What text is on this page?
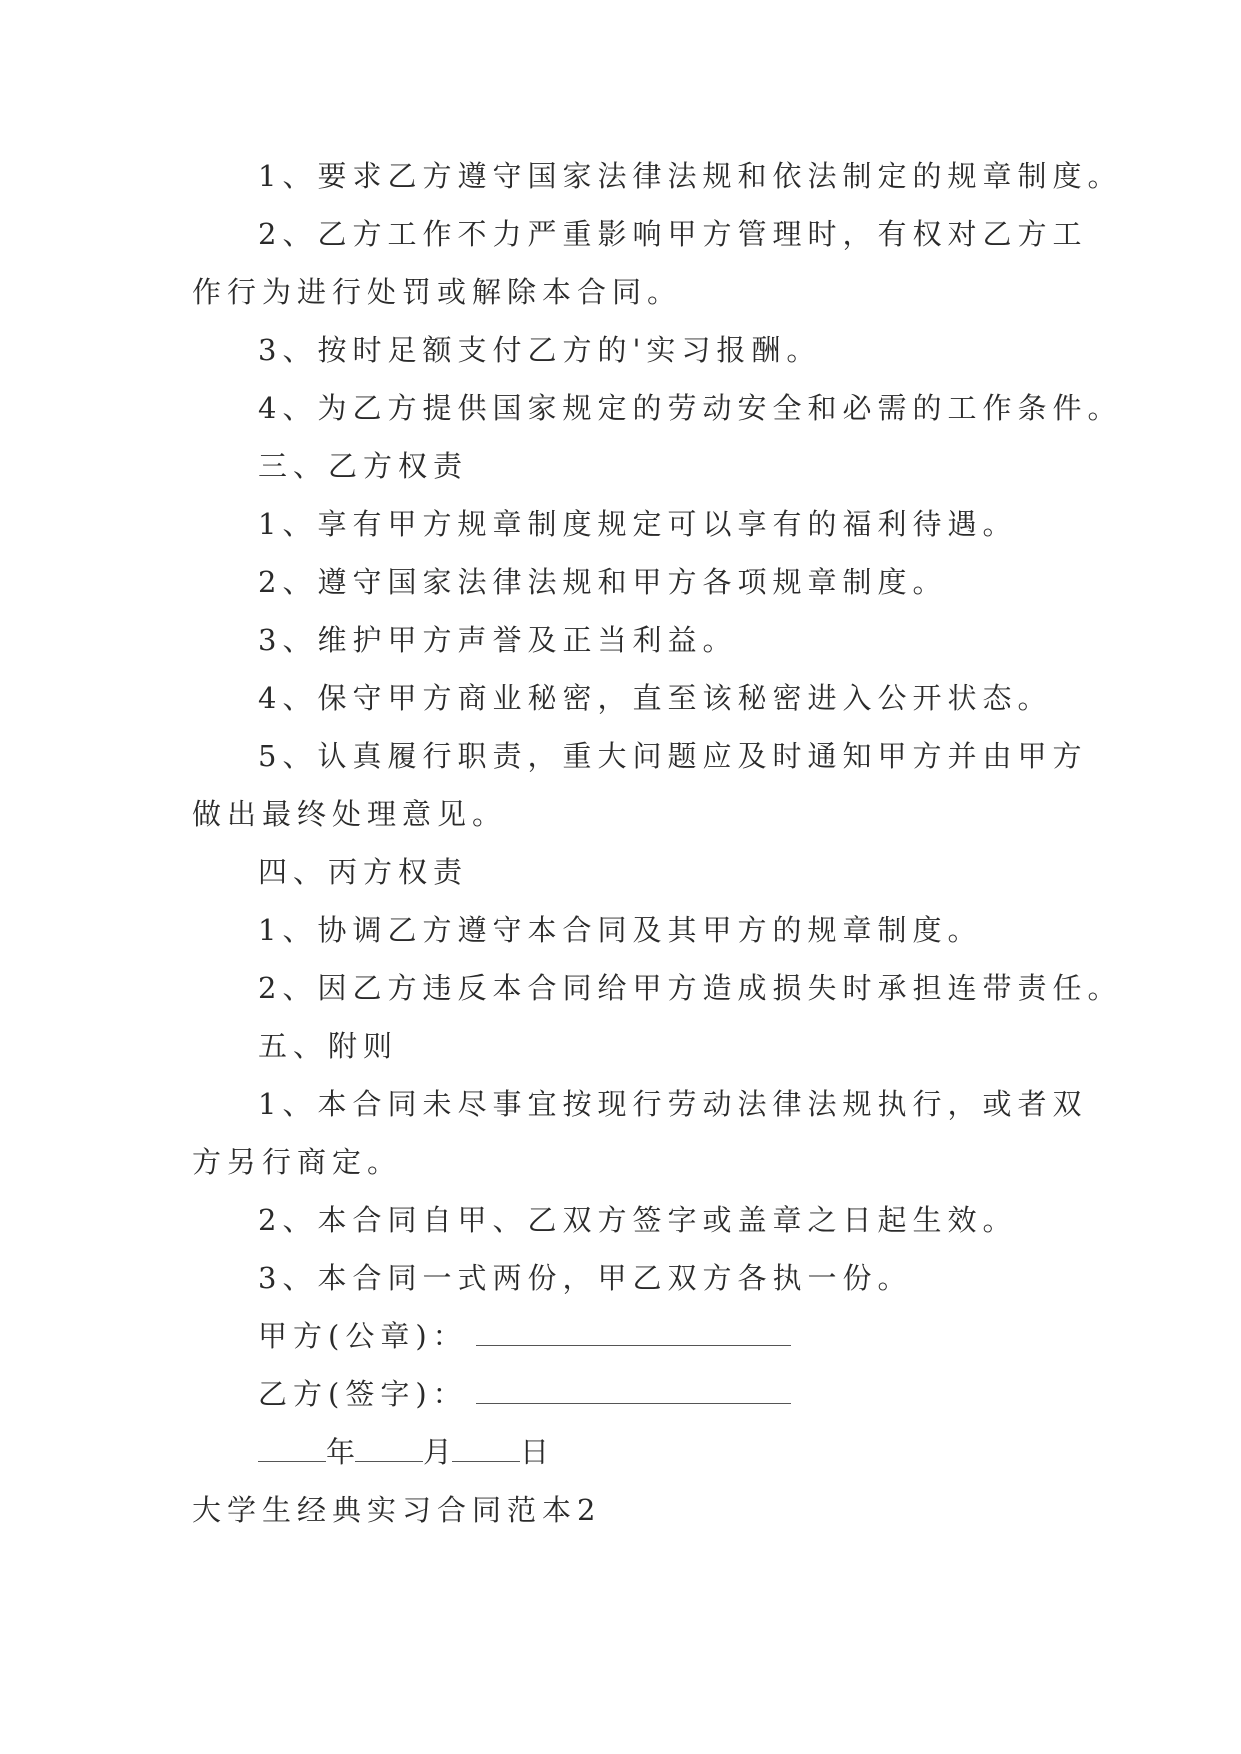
1、要求乙方遵守国家法律法规和依法制定的规章制度。
2、乙方工作不力严重影响甲方管理时，有权对乙方工
作行为进行处罚或解除本合同。
3、按时足额支付乙方的'实习报酬。
4、为乙方提供国家规定的劳动安全和必需的工作条件。
三、乙方权责
1、享有甲方规章制度规定可以享有的福利待遇。
2、遵守国家法律法规和甲方各项规章制度。
3、维护甲方声誉及正当利益。
4、保守甲方商业秘密，直至该秘密进入公开状态。
5、认真履行职责，重大问题应及时通知甲方并由甲方
做出最终处理意见。
四、丙方权责
1、协调乙方遵守本合同及其甲方的规章制度。
2、因乙方违反本合同给甲方造成损失时承担连带责任。
五、附则
1、本合同未尽事宜按现行劳动法律法规执行，或者双
方另行商定。
2、本合同自甲、乙双方签字或盖章之日起生效。
3、本合同一式两份，甲乙双方各执一份。
甲方(公章)：
乙方(签字)：
年 月 日
大学生经典实习合同范本2
